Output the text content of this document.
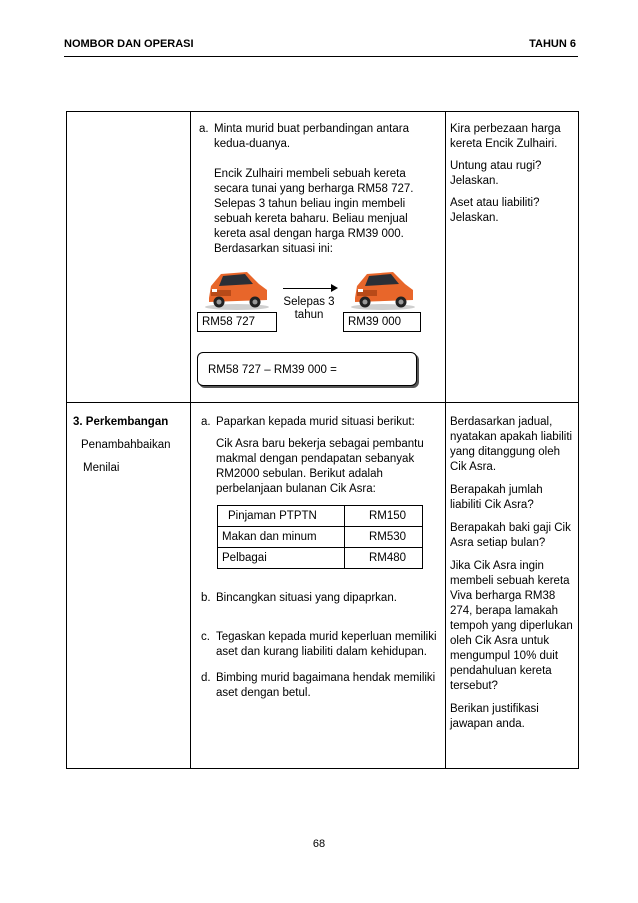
NOMBOR DAN OPERASI	TAHUN 6

a. Minta murid buat perbandingan antara kedua-duanya.
Encik Zulhairi membeli sebuah kereta secara tunai yang berharga RM58 727. Selepas 3 tahun beliau ingin membeli sebuah kereta baharu. Beliau menjual kereta asal dengan harga RM39 000. Berdasarkan situasi ini:
RM58 727
Selepas 3 tahun
RM39 000
RM58 727 – RM39 000 =

Kira perbezaan harga kereta Encik Zulhairi.
Untung atau rugi? Jelaskan.
Aset atau liabiliti? Jelaskan.

3. Perkembangan
Penambahbaikan
Menilai

a. Paparkan kepada murid situasi berikut:
Cik Asra baru bekerja sebagai pembantu makmal dengan pendapatan sebanyak RM2000 sebulan. Berikut adalah perbelanjaan bulanan Cik Asra:
Pinjaman PTPTN	RM150
Makan dan minum	RM530
Pelbagai	RM480
b. Bincangkan situasi yang dipaprkan.
c. Tegaskan kepada murid keperluan memiliki aset dan kurang liabiliti dalam kehidupan.
d. Bimbing murid bagaimana hendak memiliki aset dengan betul.

Berdasarkan jadual, nyatakan apakah liabiliti yang ditanggung oleh Cik Asra.
Berapakah jumlah liabiliti Cik Asra?
Berapakah baki gaji Cik Asra setiap bulan?
Jika Cik Asra ingin membeli sebuah kereta Viva berharga RM38 274, berapa lamakah tempoh yang diperlukan oleh Cik Asra untuk mengumpul 10% duit pendahuluan kereta tersebut?
Berikan justifikasi jawapan anda.
68
